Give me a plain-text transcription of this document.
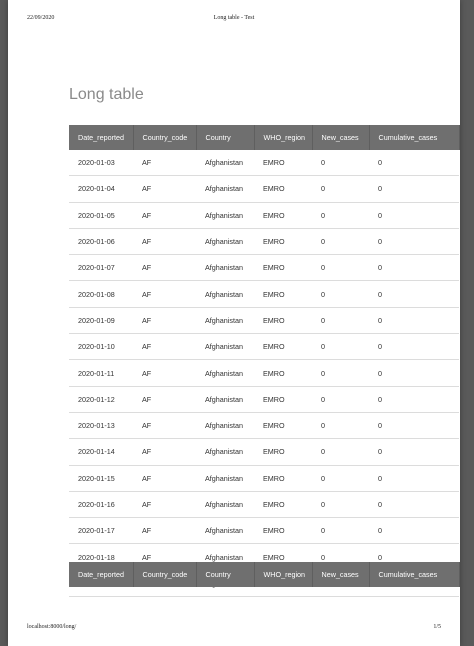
22/09/2020	Long table - Test
Long table
Date_reported	Country_code	Country	WHO_region	New_cases	Cumulative_cases
2020-01-03	AF	Afghanistan	EMRO	0	0
2020-01-04	AF	Afghanistan	EMRO	0	0
2020-01-05	AF	Afghanistan	EMRO	0	0
2020-01-06	AF	Afghanistan	EMRO	0	0
2020-01-07	AF	Afghanistan	EMRO	0	0
2020-01-08	AF	Afghanistan	EMRO	0	0
2020-01-09	AF	Afghanistan	EMRO	0	0
2020-01-10	AF	Afghanistan	EMRO	0	0
2020-01-11	AF	Afghanistan	EMRO	0	0
2020-01-12	AF	Afghanistan	EMRO	0	0
2020-01-13	AF	Afghanistan	EMRO	0	0
2020-01-14	AF	Afghanistan	EMRO	0	0
2020-01-15	AF	Afghanistan	EMRO	0	0
2020-01-16	AF	Afghanistan	EMRO	0	0
2020-01-17	AF	Afghanistan	EMRO	0	0
2020-01-18	AF	Afghanistan	EMRO	0	0

Date_reported	Country_code	Country	WHO_region	New_cases	Cumulative_cases
localhost:8000/long/	1/5
